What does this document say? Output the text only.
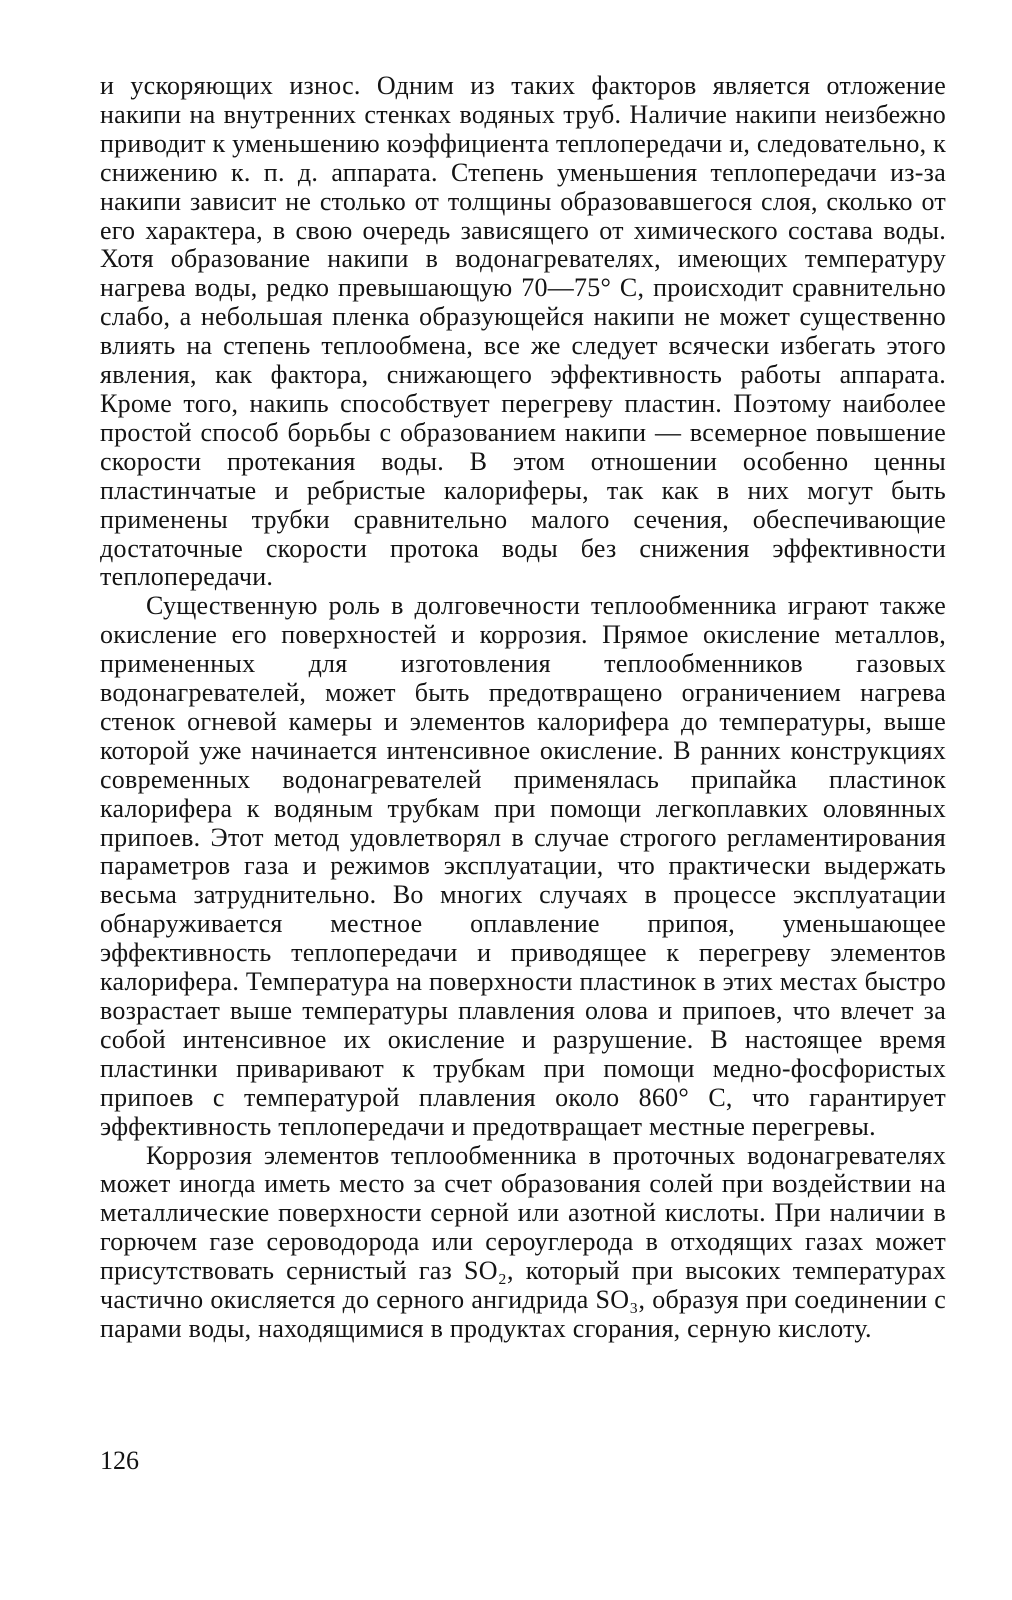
и ускоряющих износ. Одним из таких факторов является отложение накипи на внутренних стенках водяных труб. Наличие накипи неизбежно приводит к уменьшению коэффициента теплопередачи и, следовательно, к снижению к. п. д. аппарата. Степень уменьшения теплопередачи из-за накипи зависит не столько от толщины образовавшегося слоя, сколько от его характера, в свою очередь зависящего от химического состава воды. Хотя образование накипи в водонагревателях, имеющих температуру нагрева воды, редко превышающую 70—75° С, происходит сравнительно слабо, а небольшая пленка образующейся накипи не может существенно влиять на степень теплообмена, все же следует всячески избегать этого явления, как фактора, снижающего эффективность работы аппарата. Кроме того, накипь способствует перегреву пластин. Поэтому наиболее простой способ борьбы с образованием накипи — всемерное повышение скорости протекания воды. В этом отношении особенно ценны пластинчатые и ребристые калориферы, так как в них могут быть применены трубки сравнительно малого сечения, обеспечивающие достаточные скорости протока воды без снижения эффективности теплопередачи.

Существенную роль в долговечности теплообменника играют также окисление его поверхностей и коррозия. Прямое окисление металлов, примененных для изготовления теплообменников газовых водонагревателей, может быть предотвращено ограничением нагрева стенок огневой камеры и элементов калорифера до температуры, выше которой уже начинается интенсивное окисление. В ранних конструкциях современных водонагревателей применялась припайка пластинок калорифера к водяным трубкам при помощи легкоплавких оловянных припоев. Этот метод удовлетворял в случае строгого регламентирования параметров газа и режимов эксплуатации, что практически выдержать весьма затруднительно. Во многих случаях в процессе эксплуатации обнаруживается местное оплавление припоя, уменьшающее эффективность теплопередачи и приводящее к перегреву элементов калорифера. Температура на поверхности пластинок в этих местах быстро возрастает выше температуры плавления олова и припоев, что влечет за собой интенсивное их окисление и разрушение. В настоящее время пластинки приваривают к трубкам при помощи медно-фосфористых припоев с температурой плавления около 860° С, что гарантирует эффективность теплопередачи и предотвращает местные перегревы.

Коррозия элементов теплообменника в проточных водонагревателях может иногда иметь место за счет образования солей при воздействии на металлические поверхности серной или азотной кислоты. При наличии в горючем газе сероводорода или сероуглерода в отходящих газах может присутствовать сернистый газ SO₂, который при высоких температурах частично окисляется до серного ангидрида SO₃, образуя при соединении с парами воды, находящимися в продуктах сгорания, серную кислоту.

126
